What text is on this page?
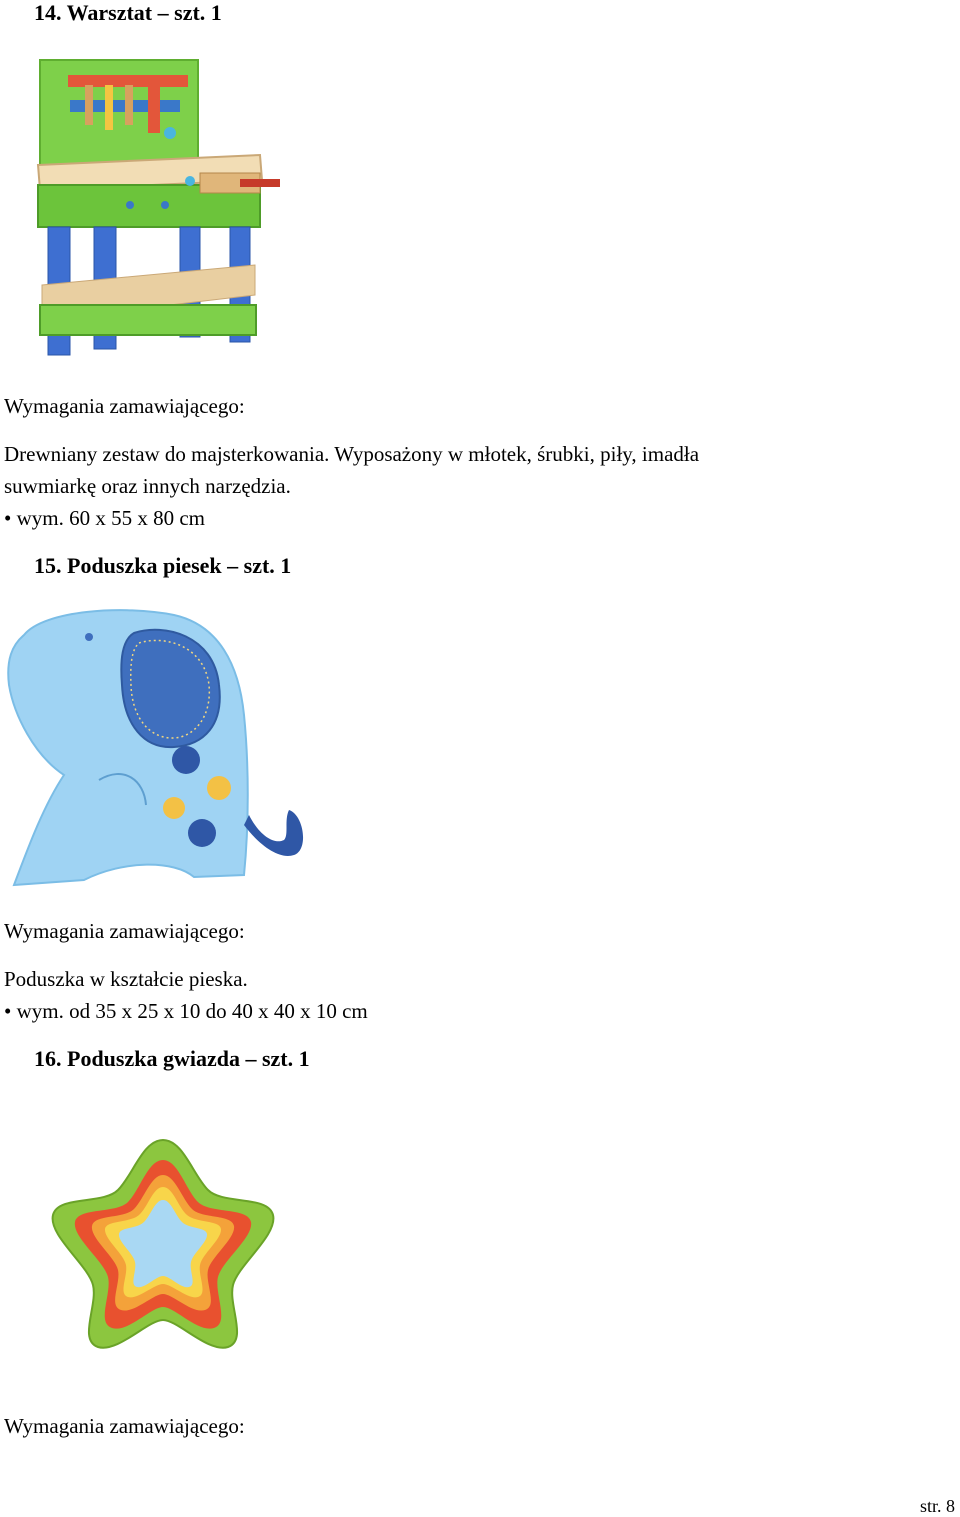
14. Warsztat – szt. 1
Wymagania zamawiającego:
Drewniany zestaw do majsterkowania. Wyposażony w młotek, śrubki, piły, imadła
suwmiarkę oraz innych narzędzia.
• wym. 60 x 55 x 80 cm
15. Poduszka piesek – szt. 1
Wymagania zamawiającego:
Poduszka w kształcie pieska.
• wym. od 35 x 25 x 10 do 40 x 40 x 10 cm
16. Poduszka gwiazda – szt. 1
Wymagania zamawiającego:
str. 8
